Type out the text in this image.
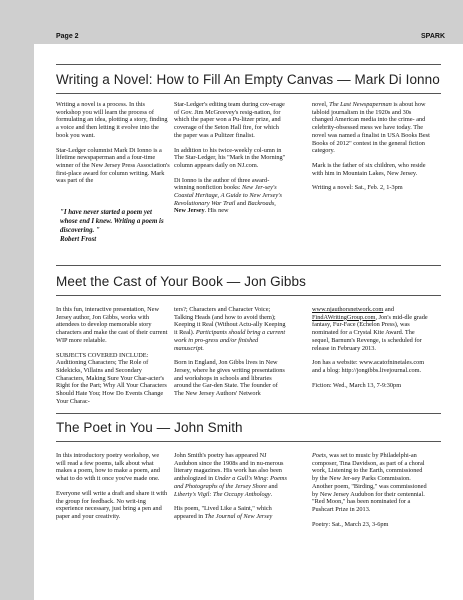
Page 2	SPARK
Writing a Novel: How to Fill An Empty Canvas — Mark Di Ionno

Writing a novel is a process. In this workshop you will learn the process of formulating an idea, plotting a story, finding a voice and then letting it evolve into the book you want.

Star-Ledger columnist Mark Di Ionno is a lifetime newspaperman and a four-time winner of the New Jersey Press Association's first-place award for column writing. Mark was part of the

"I have never started a poem yet whose end I knew. Writing a poem is discovering. "
Robert Frost

Star-Ledger's editing team during cov-erage of Gov. Jim McGreevey's resig-nation, for which the paper won a Pu-litzer prize, and coverage of the Seton Hall fire, for which the paper was a Pulitzer finalist.

In addition to his twice-weekly col-umn in The Star-Ledger, his "Mark in the Morning" column appears daily on NJ.com.

Di Ionno is the author of three award-winning nonfiction books: New Jer-sey's Coastal Heritage, A Guide to New Jersey's Revolutionary War Trail and Backroads, New Jersey. His new

novel, The Last Newspaperman is about how tabloid journalism in the 1920s and 30s changed American media into the crime- and celebrity-obsessed mess we have today. The novel was named a finalist in USA Books Best Books of 2012" contest in the general fiction category.

Mark is the father of six children, who reside with him in Mountain Lakes, New Jersey.

Writing a novel: Sat., Feb. 2, 1-3pm

Meet the Cast of Your Book — Jon Gibbs

In this fun, interactive presentation, New Jersey author, Jon Gibbs, works with attendees to develop memorable story characters and make the cast of their current WIP more relatable.

SUBJECTS COVERED INCLUDE: Auditioning Characters; The Role of Sidekicks, Villains and Secondary Characters, Making Sure Your Char-acter's Right for the Part; Why All Your Characters Should Hate You; How Do Events Change Your Charac-

ters?; Characters and Character Voice; Talking Heads (and how to avoid them); Keeping it Real (Without Actu-ally Keeping it Real). Participants should bring a current work in pro-gress and/or finished manuscript.

Born in England, Jon Gibbs lives in New Jersey, where he gives writing presentations and workshops in schools and libraries around the Gar-den State. The founder of The New Jersey Authors' Network

www.njauthorsnetwork.com and FindAWritingGroup.com, Jon's mid-dle grade fantasy, Fur-Face (Echelon Press), was nominated for a Crystal Kite Award. The sequel, Barnum's Revenge, is scheduled for release in February 2013.

Jon has a website: www.acatofninetales.com and a blog: http://jongibbs.livejournal.com.

Fiction: Wed., March 13, 7-9:30pm

The Poet in You — John Smith

In this introductory poetry workshop, we will read a few poems, talk about what makes a poem, how to make a poem, and what to do with it once you've made one.

Everyone will write a draft and share it with the group for feedback. No writ-ing experience necessary, just bring a pen and paper and your creativity.

John Smith's poetry has appeared NJ Audubon since the 1908s and in nu-merous literary magazines. His work has also been anthologized in Under a Gull's Wing: Poems and Photographs of the Jersey Shore and Liberty's Vigil: The Occupy Anthology.

His poem, "Lived Like a Saint," which appeared in The Journal of New Jersey

Poets, was set to music by Philadelphi-an composer, Tina Davidson, as part of a choral work, Listening to the Earth, commissioned by the New Jer-sey Parks Commission. Another poem, "Birding," was commissioned by New Jersey Audubon for their centennial. "Red Moon," has been nominated for a Pushcart Prize in 2013.

Poetry: Sat., March 23, 3-6pm
